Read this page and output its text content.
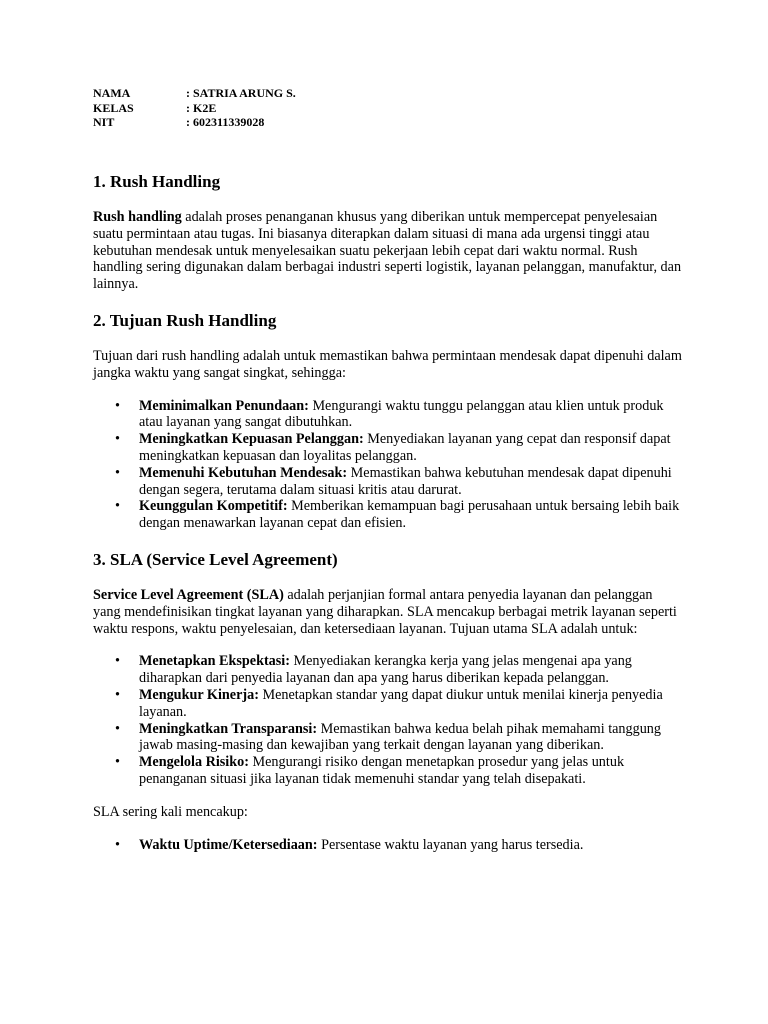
NAMA	: SATRIA ARUNG S.
KELAS	: K2E
NIT	: 602311339028
1. Rush Handling

Rush handling adalah proses penanganan khusus yang diberikan untuk mempercepat penyelesaian suatu permintaan atau tugas. Ini biasanya diterapkan dalam situasi di mana ada urgensi tinggi atau kebutuhan mendesak untuk menyelesaikan suatu pekerjaan lebih cepat dari waktu normal. Rush handling sering digunakan dalam berbagai industri seperti logistik, layanan pelanggan, manufaktur, dan lainnya.

2. Tujuan Rush Handling

Tujuan dari rush handling adalah untuk memastikan bahwa permintaan mendesak dapat dipenuhi dalam jangka waktu yang sangat singkat, sehingga:

• Meminimalkan Penundaan: Mengurangi waktu tunggu pelanggan atau klien untuk produk atau layanan yang sangat dibutuhkan.
• Meningkatkan Kepuasan Pelanggan: Menyediakan layanan yang cepat dan responsif dapat meningkatkan kepuasan dan loyalitas pelanggan.
• Memenuhi Kebutuhan Mendesak: Memastikan bahwa kebutuhan mendesak dapat dipenuhi dengan segera, terutama dalam situasi kritis atau darurat.
• Keunggulan Kompetitif: Memberikan kemampuan bagi perusahaan untuk bersaing lebih baik dengan menawarkan layanan cepat dan efisien.
3. SLA (Service Level Agreement)

Service Level Agreement (SLA) adalah perjanjian formal antara penyedia layanan dan pelanggan yang mendefinisikan tingkat layanan yang diharapkan. SLA mencakup berbagai metrik layanan seperti waktu respons, waktu penyelesaian, dan ketersediaan layanan. Tujuan utama SLA adalah untuk:

• Menetapkan Ekspektasi: Menyediakan kerangka kerja yang jelas mengenai apa yang diharapkan dari penyedia layanan dan apa yang harus diberikan kepada pelanggan.
• Mengukur Kinerja: Menetapkan standar yang dapat diukur untuk menilai kinerja penyedia layanan.
• Meningkatkan Transparansi: Memastikan bahwa kedua belah pihak memahami tanggung jawab masing-masing dan kewajiban yang terkait dengan layanan yang diberikan.
• Mengelola Risiko: Mengurangi risiko dengan menetapkan prosedur yang jelas untuk penanganan situasi jika layanan tidak memenuhi standar yang telah disepakati.

SLA sering kali mencakup:

• Waktu Uptime/Ketersediaan: Persentase waktu layanan yang harus tersedia.
